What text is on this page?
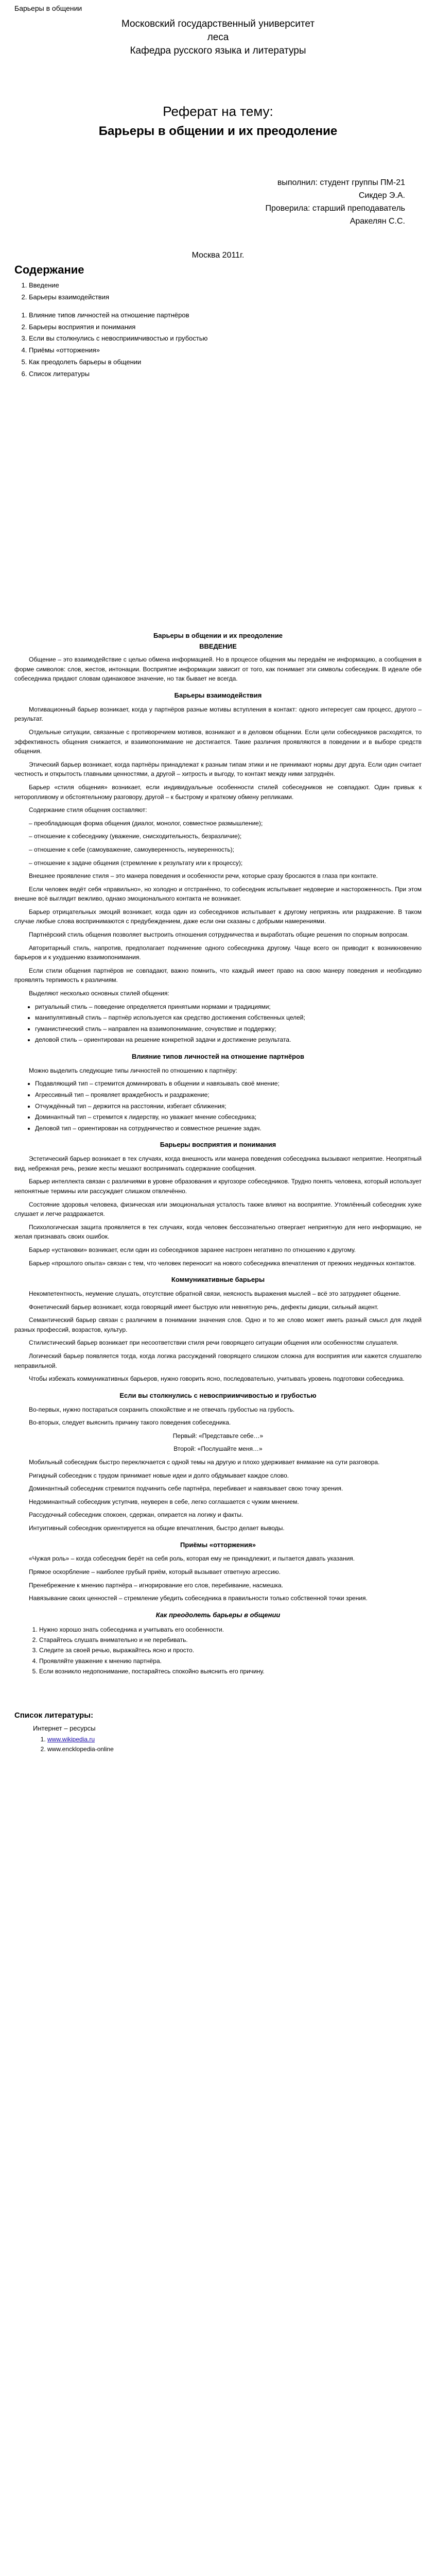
Барьеры в общении
Московский государственный университет
леса
Кафедра русского языка и литературы
Реферат на тему:
Барьеры в общении и их преодоление
выполнил: студент группы ПМ-21
Сикдер Э.А.
Проверила: старший преподаватель
Аракелян С.С.
Москва 2011г.
Содержание
1. Введение
2. Барьеры взаимодействия
1. Влияние типов личностей на отношение партнёров
2. Барьеры восприятия и понимания
3. Если вы столкнулись с невосприимчивостью и грубостью
4. Приёмы «отторжения»
5. Как преодолеть барьеры в общении
6. Список литературы
Барьеры в общении и их преодоление
ВВЕДЕНИЕ

Общение – это взаимодействие с целью обмена информацией. Но в процессе общения мы передаём не информацию, а сообщения в форме символов: слов, жестов, интонации. Восприятие информации зависит от того, как понимает эти символы собеседник. В идеале обе собеседника придают словам одинаковое значение, но так бывает не всегда.

Барьеры взаимодействия

Мотивационный барьер возникает, когда у партнёров разные мотивы вступления в контакт: одного интересует сам процесс, другого – результат.

Отдельные ситуации, связанные с противоречием мотивов, возникают и в деловом общении. Если цели собеседников расходятся, то эффективность общения снижается, и взаимопонимание не достигается. Такие различия проявляются в поведении и в выборе средств общения.

Этический барьер возникает, когда партнёры принадлежат к разным типам этики и не принимают нормы друг друга. Если один считает честность и открытость главными ценностями, а другой – хитрость и выгоду, то контакт между ними затруднён.

Барьер «стиля общения» возникает, если индивидуальные особенности стилей собеседников не совпадают. Один привык к неторопливому и обстоятельному разговору, другой – к быстрому и краткому обмену репликами.

Содержание стиля общения составляют:

– преобладающая форма общения (диалог, монолог, совместное размышление);

– отношение к собеседнику (уважение, снисходительность, безразличие);

– отношение к себе (самоуважение, самоуверенность, неуверенность);

– отношение к задаче общения (стремление к результату или к процессу);

Внешнее проявление стиля – это манера поведения и особенности речи, которые сразу бросаются в глаза при контакте.

Если человек ведёт себя «правильно», но холодно и отстранённо, то собеседник испытывает недоверие и настороженность. При этом внешне всё выглядит вежливо, однако эмоционального контакта не возникает.

Барьер отрицательных эмоций возникает, когда один из собеседников испытывает к другому неприязнь или раздражение. В таком случае любые слова воспринимаются с предубеждением, даже если они сказаны с добрыми намерениями.

Партнёрский стиль общения позволяет выстроить отношения сотрудничества и выработать общие решения по спорным вопросам.

Авторитарный стиль, напротив, предполагает подчинение одного собеседника другому. Чаще всего он приводит к возникновению барьеров и к ухудшению взаимопонимания.

Если стили общения партнёров не совпадают, важно помнить, что каждый имеет право на свою манеру поведения и необходимо проявлять терпимость к различиям.

Выделяют несколько основных стилей общения:

• ритуальный стиль – поведение определяется принятыми нормами и традициями;
• манипулятивный стиль – партнёр используется как средство достижения собственных целей;
• гуманистический стиль – направлен на взаимопонимание, сочувствие и поддержку;
• деловой стиль – ориентирован на решение конкретной задачи и достижение результата.
Влияние типов личностей на отношение партнёров

Можно выделить следующие типы личностей по отношению к партнёру:

• Подавляющий тип – стремится доминировать в общении и навязывать своё мнение;
• Агрессивный тип – проявляет враждебность и раздражение;
• Отчуждённый тип – держится на расстоянии, избегает сближения;
• Доминантный тип – стремится к лидерству, но уважает мнение собеседника;
• Деловой тип – ориентирован на сотрудничество и совместное решение задач.
Барьеры восприятия и понимания

Эстетический барьер возникает в тех случаях, когда внешность или манера поведения собеседника вызывают неприятие. Неопрятный вид, небрежная речь, резкие жесты мешают воспринимать содержание сообщения.

Барьер интеллекта связан с различиями в уровне образования и кругозоре собеседников. Трудно понять человека, который использует непонятные термины или рассуждает слишком отвлечённо.

Состояние здоровья человека, физическая или эмоциональная усталость также влияют на восприятие. Утомлённый собеседник хуже слушает и легче раздражается.

Психологическая защита проявляется в тех случаях, когда человек бессознательно отвергает неприятную для него информацию, не желая признавать своих ошибок.

Барьер «установки» возникает, если один из собеседников заранее настроен негативно по отношению к другому.

Барьер «прошлого опыта» связан с тем, что человек переносит на нового собеседника впечатления от прежних неудачных контактов.

Коммуникативные барьеры

Некомпетентность, неумение слушать, отсутствие обратной связи, неясность выражения мыслей – всё это затрудняет общение.

Фонетический барьер возникает, когда говорящий имеет быструю или невнятную речь, дефекты дикции, сильный акцент.

Семантический барьер связан с различием в понимании значения слов. Одно и то же слово может иметь разный смысл для людей разных профессий, возрастов, культур.

Стилистический барьер возникает при несоответствии стиля речи говорящего ситуации общения или особенностям слушателя.

Логический барьер появляется тогда, когда логика рассуждений говорящего слишком сложна для восприятия или кажется слушателю неправильной.

Чтобы избежать коммуникативных барьеров, нужно говорить ясно, последовательно, учитывать уровень подготовки собеседника.

Если вы столкнулись с невосприимчивостью и грубостью

Во-первых, нужно постараться сохранить спокойствие и не отвечать грубостью на грубость.

Во-вторых, следует выяснить причину такого поведения собеседника.

Первый: «Представьте себе…»

Второй: «Послушайте меня…»

Мобильный собеседник быстро переключается с одной темы на другую и плохо удерживает внимание на сути разговора.

Ригидный собеседник с трудом принимает новые идеи и долго обдумывает каждое слово.

Доминантный собеседник стремится подчинить себе партнёра, перебивает и навязывает свою точку зрения.

Недоминантный собеседник уступчив, неуверен в себе, легко соглашается с чужим мнением.

Рассудочный собеседник спокоен, сдержан, опирается на логику и факты.

Интуитивный собеседник ориентируется на общие впечатления, быстро делает выводы.

Приёмы «отторжения»

«Чужая роль» – когда собеседник берёт на себя роль, которая ему не принадлежит, и пытается давать указания.

Прямое оскорбление – наиболее грубый приём, который вызывает ответную агрессию.

Пренебрежение к мнению партнёра – игнорирование его слов, перебивание, насмешка.

Навязывание своих ценностей – стремление убедить собеседника в правильности только собственной точки зрения.

Как преодолеть барьеры в общении
1. Нужно хорошо знать собеседника и учитывать его особенности.
2. Старайтесь слушать внимательно и не перебивать.
3. Следите за своей речью, выражайтесь ясно и просто.
4. Проявляйте уважение к мнению партнёра.
5. Если возникло недопонимание, постарайтесь спокойно выяснить его причину.
Список литературы:
Интернет – ресурсы
1. www.wikipedia.ru
2. www.encklopedia-onlinе
